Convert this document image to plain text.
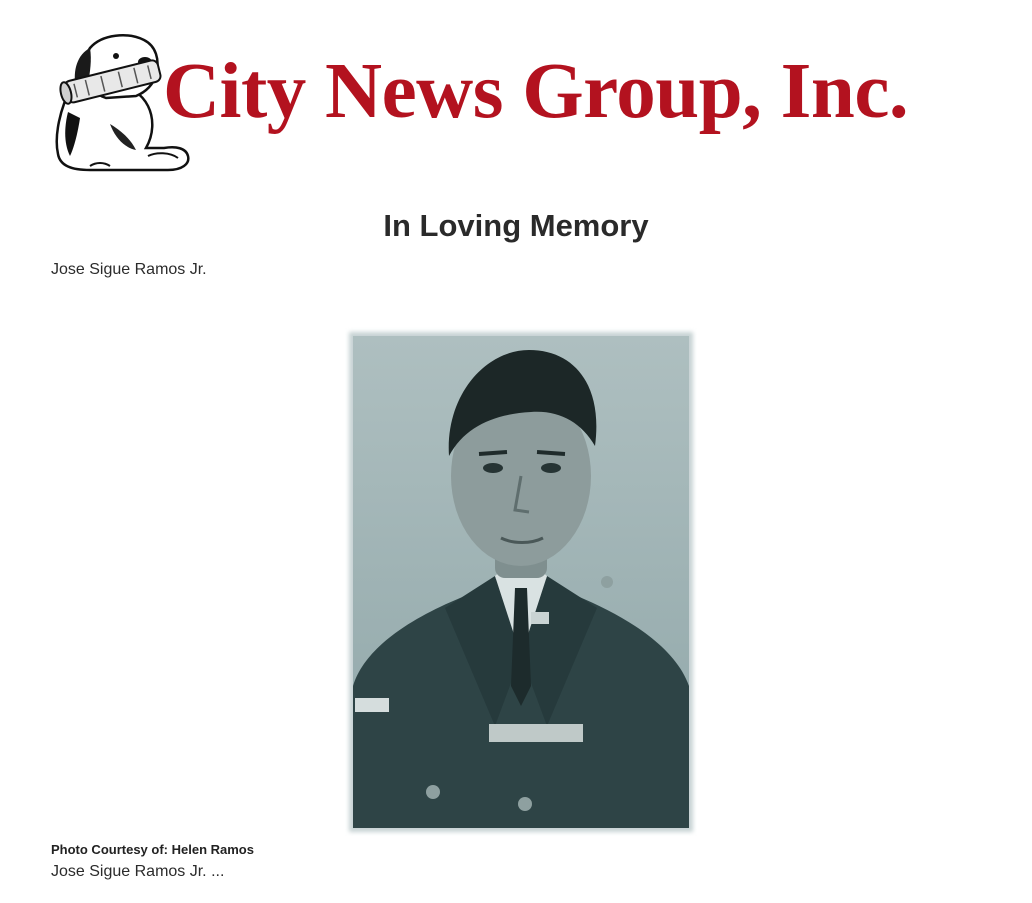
City News Group, Inc.
In Loving Memory
Jose Sigue Ramos Jr.
Photo Courtesy of: Helen Ramos
Jose Sigue Ramos Jr. ...
